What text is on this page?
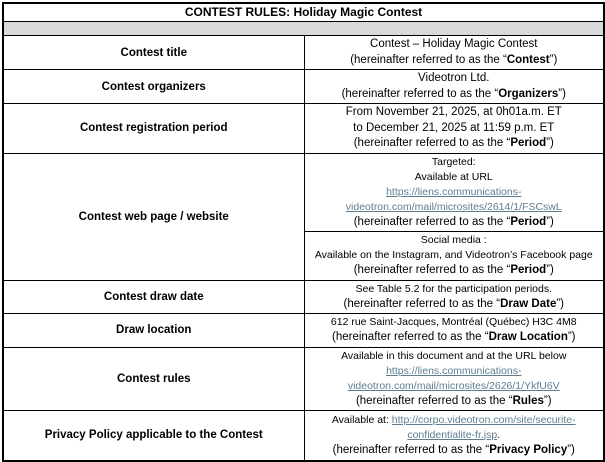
CONTEST RULES: Holiday Magic Contest	

Contest title	Contest – Holiday Magic Contest
(hereinafter referred to as the “Contest”)

Contest organizers	Videotron Ltd.
(hereinafter referred to as the “Organizers”)

Contest registration period	From November 21, 2025, at 0h01a.m. ET
to December 21, 2025 at 11:59 p.m. ET
(hereinafter referred to as the “Period”)

Contest web page / website	Targeted:
Available at URL
https://liens.communications-videotron.com/mail/microsites/2614/1/FSCswL
(hereinafter referred to as the “Period”)

	Social media :
Available on the Instagram, and Videotron’s Facebook page
(hereinafter referred to as the “Period”)

Contest draw date	See Table 5.2 for the participation periods.
(hereinafter referred to as the “Draw Date”)

Draw location	612 rue Saint-Jacques, Montréal (Québec) H3C 4M8
(hereinafter referred to as the “Draw Location”)

Contest rules	Available in this document and at the URL below
https://liens.communications-videotron.com/mail/microsites/2626/1/YkfU6V
(hereinafter referred to as the “Rules”)

Privacy Policy applicable to the Contest	Available at: http://corpo.videotron.com/site/securite-confidentialite-fr.jsp.
(hereinafter referred to as the “Privacy Policy”)
